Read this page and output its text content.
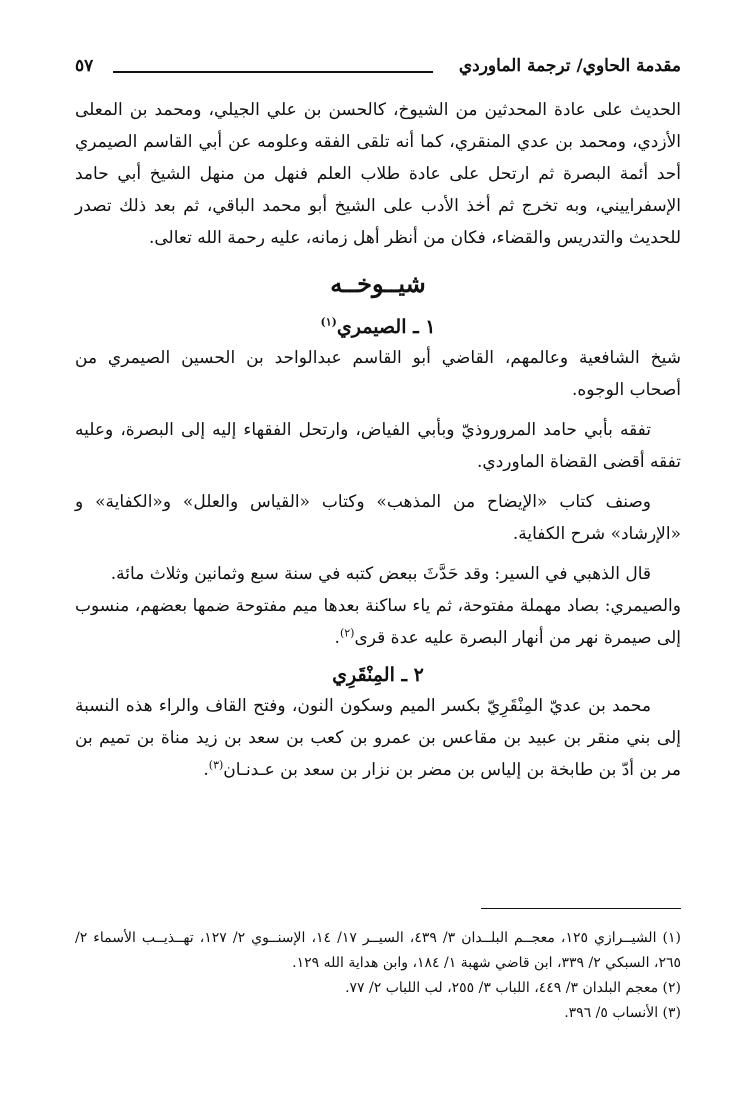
مقدمة الحاوي/ ترجمة الماوردي
٥٧

الحديث على عادة المحدثين من الشيوخ، كالحسن بن علي الجيلي، ومحمد بن المعلى الأزدي، ومحمد بن عدي المنقري، كما أنه تلقى الفقه وعلومه عن أبي القاسم الصيمري أحد أئمة البصرة ثم ارتحل على عادة طلاب العلم فنهل من منهل الشيخ أبي حامد الإسفراييني، وبه تخرج ثم أخذ الأدب على الشيخ أبو محمد الباقي، ثم بعد ذلك تصدر للحديث والتدريس والقضاء، فكان من أنظر أهل زمانه، عليه رحمة الله تعالى.

شيــوخــه
١ ـ الصيمري$^{(١)}$

شيخ الشافعية وعالمهم، القاضي أبو القاسم عبدالواحد بن الحسين الصيمري من أصحاب الوجوه.

تفقه بأبي حامد المروروذيّ وبأبي الفياض، وارتحل الفقهاء إليه إلى البصرة، وعليه تفقه أقضى القضاة الماوردي.

وصنف كتاب «الإيضاح من المذهب» وكتاب «القياس والعلل» و«الكفاية» و «الإرشاد» شرح الكفاية.

قال الذهبي في السير: وقد حَدَّثَ ببعض كتبه في سنة سبع وثمانين وثلاث مائة.

والصيمري: بصاد مهملة مفتوحة، ثم ياء ساكنة بعدها ميم مفتوحة ضمها بعضهم، منسوب إلى صيمرة نهر من أنهار البصرة عليه عدة قرى$^{(٢)}$.

٢ ـ المِنْقَرِي

محمد بن عديّ المِنْقَرِيّ بكسر الميم وسكون النون، وفتح القاف والراء هذه النسبة إلى بني منقر بن عبيد بن مقاعس بن عمرو بن كعب بن سعد بن زيد مناة بن تميم بن مر بن أدّ بن طابخة بن إلياس بن مضر بن نزار بن سعد بن عـدنـان$^{(٣)}$.

(١) الشيــرازي ١٢٥، معجــم البلــدان ٣/ ٤٣٩، السيــر ١٧/ ١٤، الإسنــوي ٢/ ١٢٧، تهــذيــب الأسماء ٢/ ٢٦٥، السبكي ٢/ ٣٣٩، ابن قاضي شهبة ١/ ١٨٤، وابن هداية الله ١٢٩.
(٢) معجم البلدان ٣/ ٤٤٩، اللباب ٣/ ٢٥٥، لب اللباب ٢/ ٧٧.
(٣) الأنساب ٥/ ٣٩٦.
